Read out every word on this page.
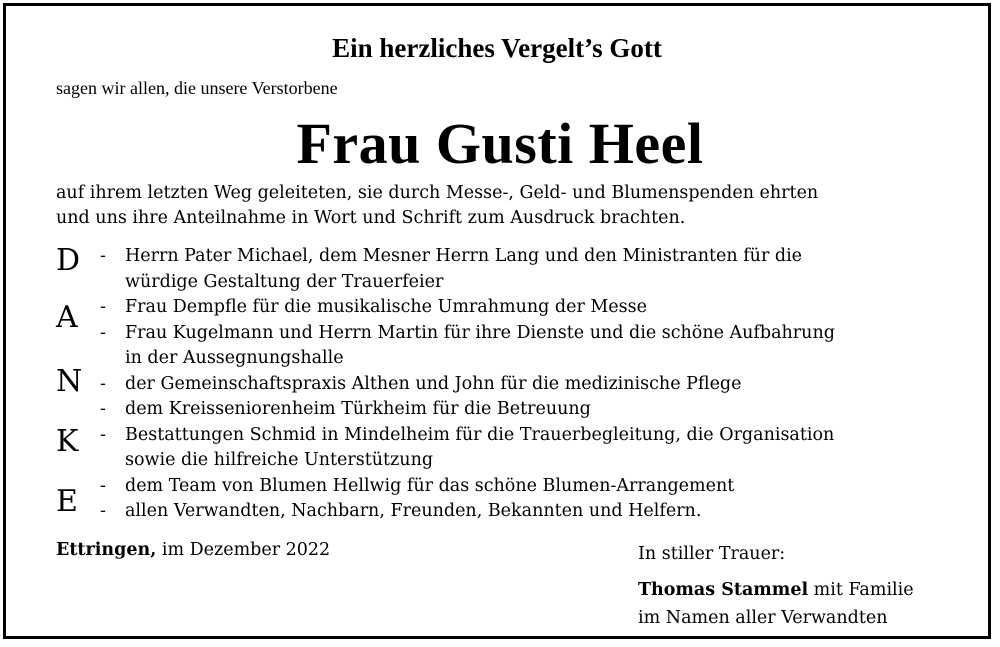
Ein herzliches Vergelt’s Gott
sagen wir allen, die unsere Verstorbene
Frau Gusti Heel
auf ihrem letzten Weg geleiteten, sie durch Messe-, Geld- und Blumenspenden ehrten
und uns ihre Anteilnahme in Wort und Schrift zum Ausdruck brachten.
D
A
N
K
E
- Herrn Pater Michael, dem Mesner Herrn Lang und den Ministranten für die
würdige Gestaltung der Trauerfeier
- Frau Dempfle für die musikalische Umrahmung der Messe
- Frau Kugelmann und Herrn Martin für ihre Dienste und die schöne Aufbahrung
in der Aussegnungshalle
- der Gemeinschaftspraxis Althen und John für die medizinische Pflege
- dem Kreisseniorenheim Türkheim für die Betreuung
- Bestattungen Schmid in Mindelheim für die Trauerbegleitung, die Organisation
sowie die hilfreiche Unterstützung
- dem Team von Blumen Hellwig für das schöne Blumen-Arrangement
- allen Verwandten, Nachbarn, Freunden, Bekannten und Helfern.
Ettringen, im Dezember 2022	In stiller Trauer:
Thomas Stammel mit Familie
im Namen aller Verwandten
